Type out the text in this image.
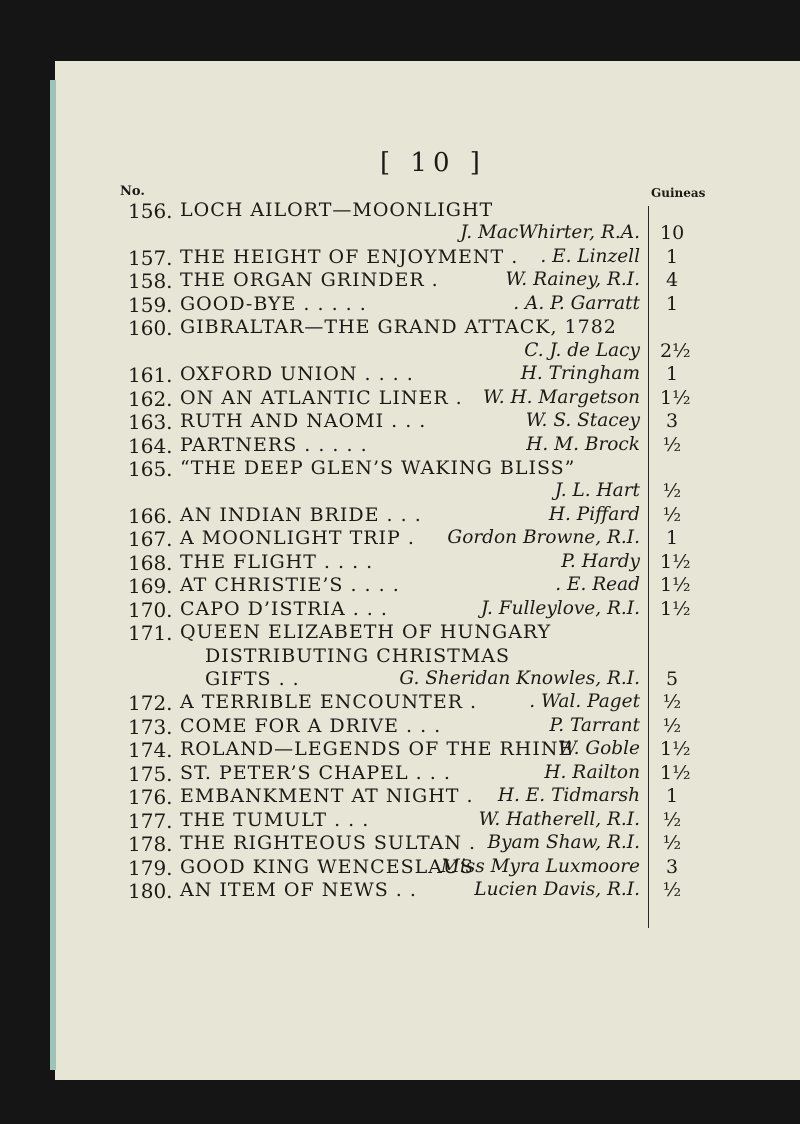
[ 10 ]
No.	Guineas
156. LOCH AILORT—MOONLIGHT
J. MacWhirter, R.A. 10
157. THE HEIGHT OF ENJOYMENT . . E. Linzell	1
158. THE ORGAN GRINDER .	W. Rainey, R.I.	4
159. GOOD-BYE . . . . .	. A. P. Garratt	1
160. GIBRALTAR—THE GRAND ATTACK, 1782
C. J. de Lacy 2½
161. OXFORD UNION . . . .	H. Tringham	1
162. ON AN ATLANTIC LINER . W. H. Margetson 1½
163. RUTH AND NAOMI . . .	W. S. Stacey	3
164. PARTNERS . . . . .	H. M. Brock ½
165. “THE DEEP GLEN’S WAKING BLISS”
J. L. Hart ½
166. AN INDIAN BRIDE . . .	H. Piffard ½
167. A MOONLIGHT TRIP . Gordon Browne, R.I.	1
168. THE FLIGHT . . . .	P. Hardy 1½
169. AT CHRISTIE’S . . . .	. E. Read 1½
170. CAPO D’ISTRIA . . .	J. Fulleylove, R.I. 1½
171. QUEEN ELIZABETH OF HUNGARY
DISTRIBUTING CHRISTMAS
GIFTS . .	G. Sheridan Knowles, R.I.	5
172. A TERRIBLE ENCOUNTER .	. Wal. Paget ½
173. COME FOR A DRIVE . . .	P. Tarrant ½
174. ROLAND—LEGENDS OF THE RHINE
W. Goble 1½
175. ST. PETER’S CHAPEL . . .	H. Railton 1½
176. EMBANKMENT AT NIGHT . H. E. Tidmarsh	1
177. THE TUMULT . . .	W. Hatherell, R.I. ½
178. THE RIGHTEOUS SULTAN . Byam Shaw, R.I. ½
179. GOOD KING WENCESLAUS
Miss Myra Luxmoore	3
180. AN ITEM OF NEWS . .	Lucien Davis, R.I. ½
